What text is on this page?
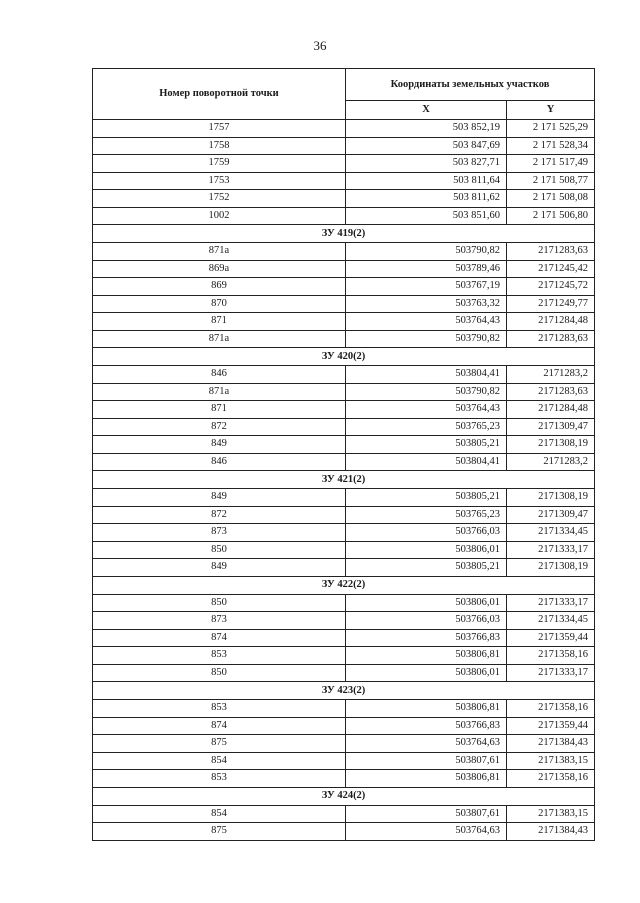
36
Номер поворотной точки	Координаты земельных участков	
	X	Y
1757	503 852,19	2 171 525,29
1758	503 847,69	2 171 528,34
1759	503 827,71	2 171 517,49
1753	503 811,64	2 171 508,77
1752	503 811,62	2 171 508,08
1002	503 851,60	2 171 506,80
ЗУ 419(2)		
871а	503790,82	2171283,63
869а	503789,46	2171245,42
869	503767,19	2171245,72
870	503763,32	2171249,77
871	503764,43	2171284,48
871а	503790,82	2171283,63
ЗУ 420(2)		
846	503804,41	2171283,2
871а	503790,82	2171283,63
871	503764,43	2171284,48
872	503765,23	2171309,47
849	503805,21	2171308,19
846	503804,41	2171283,2
ЗУ 421(2)		
849	503805,21	2171308,19
872	503765,23	2171309,47
873	503766,03	2171334,45
850	503806,01	2171333,17
849	503805,21	2171308,19
ЗУ 422(2)		
850	503806,01	2171333,17
873	503766,03	2171334,45
874	503766,83	2171359,44
853	503806,81	2171358,16
850	503806,01	2171333,17
ЗУ 423(2)		
853	503806,81	2171358,16
874	503766,83	2171359,44
875	503764,63	2171384,43
854	503807,61	2171383,15
853	503806,81	2171358,16
ЗУ 424(2)		
854	503807,61	2171383,15
875	503764,63	2171384,43
